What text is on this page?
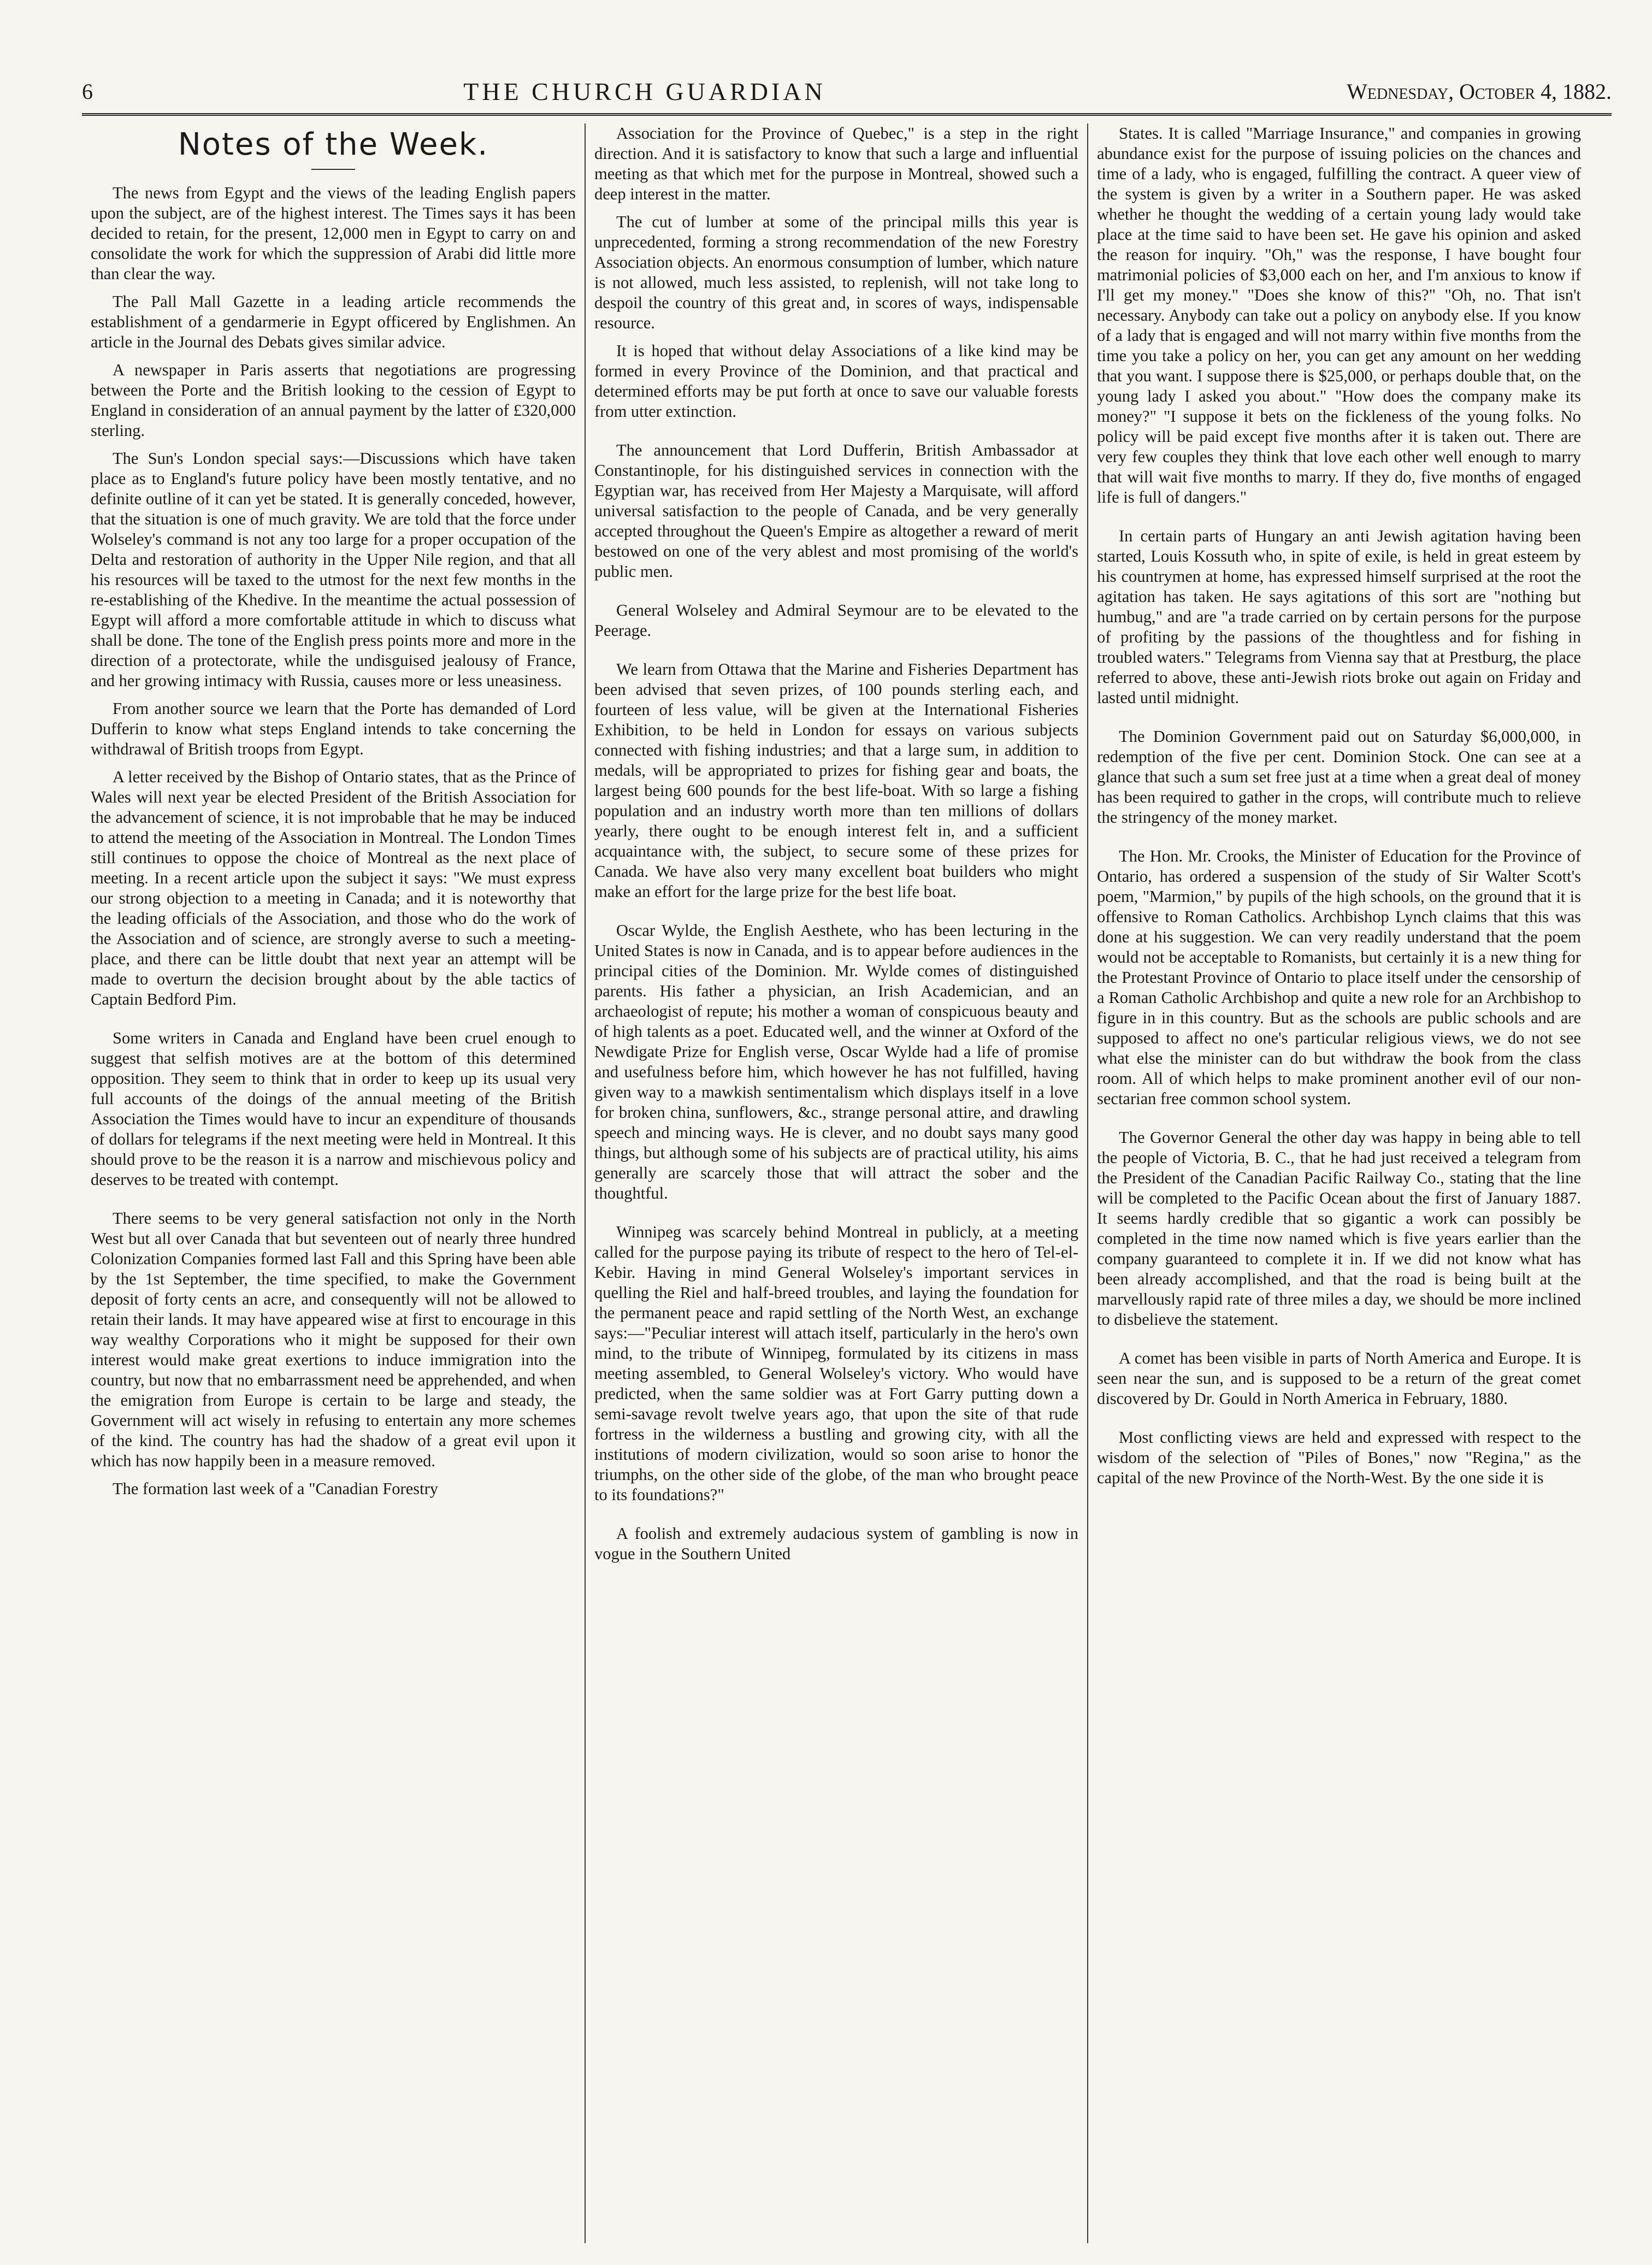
6	THE CHURCH GUARDIAN	Wednesday, October 4, 1882.
Notes of the Week.

The news from Egypt and the views of the leading English papers upon the subject, are of the highest interest. The Times says it has been decided to retain, for the present, 12,000 men in Egypt to carry on and consolidate the work for which the suppression of Arabi did little more than clear the way.

The Pall Mall Gazette in a leading article recommends the establishment of a gendarmerie in Egypt officered by Englishmen. An article in the Journal des Debats gives similar advice.

A newspaper in Paris asserts that negotiations are progressing between the Porte and the British looking to the cession of Egypt to England in consideration of an annual payment by the latter of £320,000 sterling.

The Sun's London special says:—Discussions which have taken place as to England's future policy have been mostly tentative, and no definite outline of it can yet be stated. It is generally conceded, however, that the situation is one of much gravity. We are told that the force under Wolseley's command is not any too large for a proper occupation of the Delta and restoration of authority in the Upper Nile region, and that all his resources will be taxed to the utmost for the next few months in the re-establishing of the Khedive. In the meantime the actual possession of Egypt will afford a more comfortable attitude in which to discuss what shall be done. The tone of the English press points more and more in the direction of a protectorate, while the undisguised jealousy of France, and her growing intimacy with Russia, causes more or less uneasiness.

From another source we learn that the Porte has demanded of Lord Dufferin to know what steps England intends to take concerning the withdrawal of British troops from Egypt.

A letter received by the Bishop of Ontario states, that as the Prince of Wales will next year be elected President of the British Association for the advancement of science, it is not improbable that he may be induced to attend the meeting of the Association in Montreal. The London Times still continues to oppose the choice of Montreal as the next place of meeting. In a recent article upon the subject it says: "We must express our strong objection to a meeting in Canada; and it is noteworthy that the leading officials of the Association, and those who do the work of the Association and of science, are strongly averse to such a meeting-place, and there can be little doubt that next year an attempt will be made to overturn the decision brought about by the able tactics of Captain Bedford Pim.

Some writers in Canada and England have been cruel enough to suggest that selfish motives are at the bottom of this determined opposition. They seem to think that in order to keep up its usual very full accounts of the doings of the annual meeting of the British Association the Times would have to incur an expenditure of thousands of dollars for telegrams if the next meeting were held in Montreal. It this should prove to be the reason it is a narrow and mischievous policy and deserves to be treated with contempt.

There seems to be very general satisfaction not only in the North West but all over Canada that but seventeen out of nearly three hundred Colonization Companies formed last Fall and this Spring have been able by the 1st September, the time specified, to make the Government deposit of forty cents an acre, and consequently will not be allowed to retain their lands. It may have appeared wise at first to encourage in this way wealthy Corporations who it might be supposed for their own interest would make great exertions to induce immigration into the country, but now that no embarrassment need be apprehended, and when the emigration from Europe is certain to be large and steady, the Government will act wisely in refusing to entertain any more schemes of the kind. The country has had the shadow of a great evil upon it which has now happily been in a measure removed.

The formation last week of a "Canadian Forestry

Association for the Province of Quebec," is a step in the right direction. And it is satisfactory to know that such a large and influential meeting as that which met for the purpose in Montreal, showed such a deep interest in the matter.

The cut of lumber at some of the principal mills this year is unprecedented, forming a strong recommendation of the new Forestry Association objects. An enormous consumption of lumber, which nature is not allowed, much less assisted, to replenish, will not take long to despoil the country of this great and, in scores of ways, indispensable resource.

It is hoped that without delay Associations of a like kind may be formed in every Province of the Dominion, and that practical and determined efforts may be put forth at once to save our valuable forests from utter extinction.

The announcement that Lord Dufferin, British Ambassador at Constantinople, for his distinguished services in connection with the Egyptian war, has received from Her Majesty a Marquisate, will afford universal satisfaction to the people of Canada, and be very generally accepted throughout the Queen's Empire as altogether a reward of merit bestowed on one of the very ablest and most promising of the world's public men.

General Wolseley and Admiral Seymour are to be elevated to the Peerage.

We learn from Ottawa that the Marine and Fisheries Department has been advised that seven prizes, of 100 pounds sterling each, and fourteen of less value, will be given at the International Fisheries Exhibition, to be held in London for essays on various subjects connected with fishing industries; and that a large sum, in addition to medals, will be appropriated to prizes for fishing gear and boats, the largest being 600 pounds for the best life-boat. With so large a fishing population and an industry worth more than ten millions of dollars yearly, there ought to be enough interest felt in, and a sufficient acquaintance with, the subject, to secure some of these prizes for Canada. We have also very many excellent boat builders who might make an effort for the large prize for the best life boat.

Oscar Wylde, the English Aesthete, who has been lecturing in the United States is now in Canada, and is to appear before audiences in the principal cities of the Dominion. Mr. Wylde comes of distinguished parents. His father a physician, an Irish Academician, and an archaeologist of repute; his mother a woman of conspicuous beauty and of high talents as a poet. Educated well, and the winner at Oxford of the Newdigate Prize for English verse, Oscar Wylde had a life of promise and usefulness before him, which however he has not fulfilled, having given way to a mawkish sentimentalism which displays itself in a love for broken china, sunflowers, &c., strange personal attire, and drawling speech and mincing ways. He is clever, and no doubt says many good things, but although some of his subjects are of practical utility, his aims generally are scarcely those that will attract the sober and the thoughtful.

Winnipeg was scarcely behind Montreal in publicly, at a meeting called for the purpose paying its tribute of respect to the hero of Tel-el-Kebir. Having in mind General Wolseley's important services in quelling the Riel and half-breed troubles, and laying the foundation for the permanent peace and rapid settling of the North West, an exchange says:—"Peculiar interest will attach itself, particularly in the hero's own mind, to the tribute of Winnipeg, formulated by its citizens in mass meeting assembled, to General Wolseley's victory. Who would have predicted, when the same soldier was at Fort Garry putting down a semi-savage revolt twelve years ago, that upon the site of that rude fortress in the wilderness a bustling and growing city, with all the institutions of modern civilization, would so soon arise to honor the triumphs, on the other side of the globe, of the man who brought peace to its foundations?"

A foolish and extremely audacious system of gambling is now in vogue in the Southern United

States. It is called "Marriage Insurance," and companies in growing abundance exist for the purpose of issuing policies on the chances and time of a lady, who is engaged, fulfilling the contract. A queer view of the system is given by a writer in a Southern paper. He was asked whether he thought the wedding of a certain young lady would take place at the time said to have been set. He gave his opinion and asked the reason for inquiry. "Oh," was the response, I have bought four matrimonial policies of $3,000 each on her, and I'm anxious to know if I'll get my money." "Does she know of this?" "Oh, no. That isn't necessary. Anybody can take out a policy on anybody else. If you know of a lady that is engaged and will not marry within five months from the time you take a policy on her, you can get any amount on her wedding that you want. I suppose there is $25,000, or perhaps double that, on the young lady I asked you about." "How does the company make its money?" "I suppose it bets on the fickleness of the young folks. No policy will be paid except five months after it is taken out. There are very few couples they think that love each other well enough to marry that will wait five months to marry. If they do, five months of engaged life is full of dangers."

In certain parts of Hungary an anti Jewish agitation having been started, Louis Kossuth who, in spite of exile, is held in great esteem by his countrymen at home, has expressed himself surprised at the root the agitation has taken. He says agitations of this sort are "nothing but humbug," and are "a trade carried on by certain persons for the purpose of profiting by the passions of the thoughtless and for fishing in troubled waters." Telegrams from Vienna say that at Prestburg, the place referred to above, these anti-Jewish riots broke out again on Friday and lasted until midnight.

The Dominion Government paid out on Saturday $6,000,000, in redemption of the five per cent. Dominion Stock. One can see at a glance that such a sum set free just at a time when a great deal of money has been required to gather in the crops, will contribute much to relieve the stringency of the money market.

The Hon. Mr. Crooks, the Minister of Education for the Province of Ontario, has ordered a suspension of the study of Sir Walter Scott's poem, "Marmion," by pupils of the high schools, on the ground that it is offensive to Roman Catholics. Archbishop Lynch claims that this was done at his suggestion. We can very readily understand that the poem would not be acceptable to Romanists, but certainly it is a new thing for the Protestant Province of Ontario to place itself under the censorship of a Roman Catholic Archbishop and quite a new role for an Archbishop to figure in in this country. But as the schools are public schools and are supposed to affect no one's particular religious views, we do not see what else the minister can do but withdraw the book from the class room. All of which helps to make prominent another evil of our non-sectarian free common school system.

The Governor General the other day was happy in being able to tell the people of Victoria, B. C., that he had just received a telegram from the President of the Canadian Pacific Railway Co., stating that the line will be completed to the Pacific Ocean about the first of January 1887. It seems hardly credible that so gigantic a work can possibly be completed in the time now named which is five years earlier than the company guaranteed to complete it in. If we did not know what has been already accomplished, and that the road is being built at the marvellously rapid rate of three miles a day, we should be more inclined to disbelieve the statement.

A comet has been visible in parts of North America and Europe. It is seen near the sun, and is supposed to be a return of the great comet discovered by Dr. Gould in North America in February, 1880.

Most conflicting views are held and expressed with respect to the wisdom of the selection of "Piles of Bones," now "Regina," as the capital of the new Province of the North-West. By the one side it is
